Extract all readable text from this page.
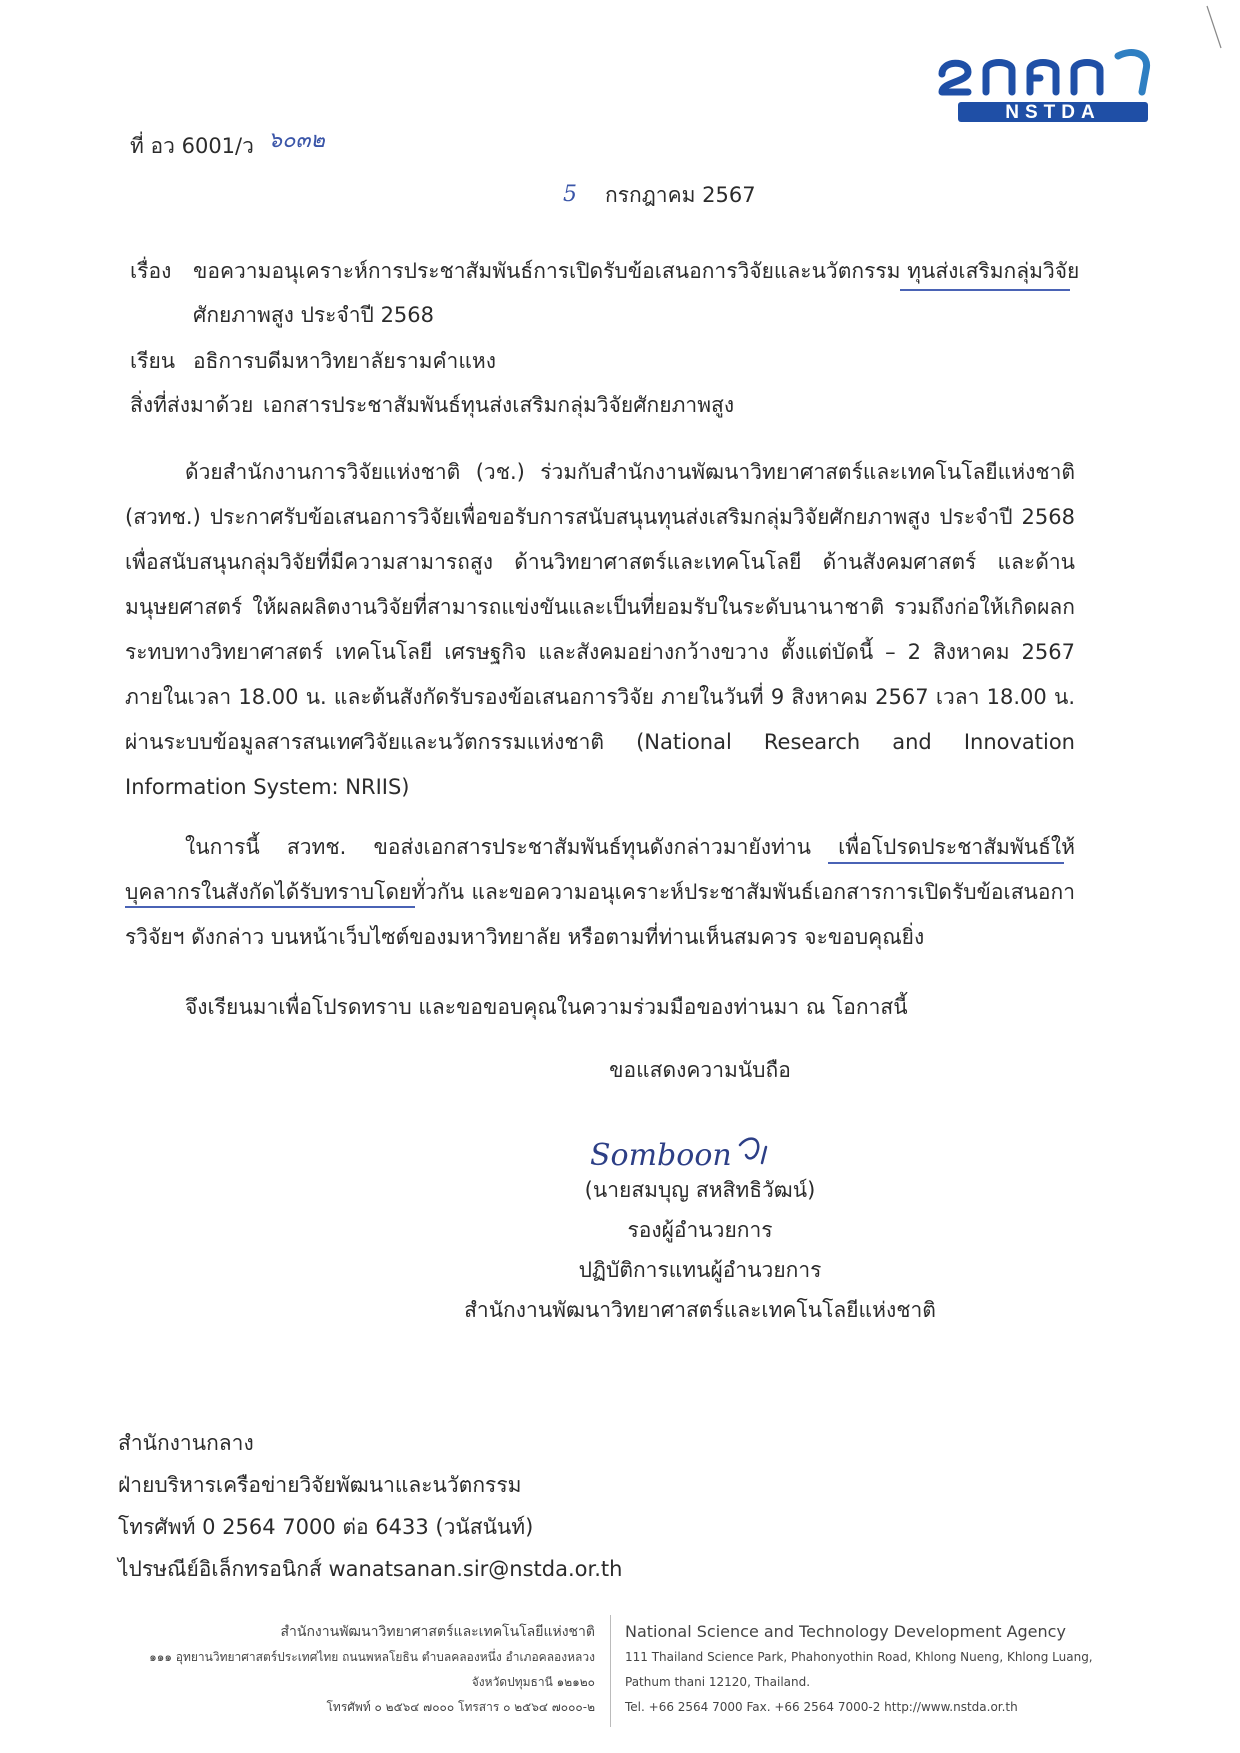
NSTDA
ที่ อว 6001/ว ๖๐๓๒
5 กรกฎาคม 2567
เรื่อง ขอความอนุเคราะห์การประชาสัมพันธ์การเปิดรับข้อเสนอการวิจัยและนวัตกรรม ทุนส่งเสริมกลุ่มวิจัย
ศักยภาพสูง ประจำปี 2568
เรียน อธิการบดีมหาวิทยาลัยรามคำแหง
สิ่งที่ส่งมาด้วย เอกสารประชาสัมพันธ์ทุนส่งเสริมกลุ่มวิจัยศักยภาพสูง
ด้วยสำนักงานการวิจัยแห่งชาติ (วช.) ร่วมกับสำนักงานพัฒนาวิทยาศาสตร์และเทคโนโลยีแห่งชาติ (สวทช.) ประกาศรับข้อเสนอการวิจัยเพื่อขอรับการสนับสนุนทุนส่งเสริมกลุ่มวิจัยศักยภาพสูง ประจำปี 2568 เพื่อสนับสนุนกลุ่มวิจัยที่มีความสามารถสูง ด้านวิทยาศาสตร์และเทคโนโลยี ด้านสังคมศาสตร์ และด้านมนุษยศาสตร์ ให้ผลผลิตงานวิจัยที่สามารถแข่งขันและเป็นที่ยอมรับในระดับนานาชาติ รวมถึงก่อให้เกิดผลกระทบทางวิทยาศาสตร์ เทคโนโลยี เศรษฐกิจ และสังคมอย่างกว้างขวาง ตั้งแต่บัดนี้ – 2 สิงหาคม 2567 ภายในเวลา 18.00 น. และต้นสังกัดรับรองข้อเสนอการวิจัย ภายในวันที่ 9 สิงหาคม 2567 เวลา 18.00 น. ผ่านระบบข้อมูลสารสนเทศวิจัยและนวัตกรรมแห่งชาติ (National Research and Innovation Information System: NRIIS)
ในการนี้ สวทช. ขอส่งเอกสารประชาสัมพันธ์ทุนดังกล่าวมายังท่าน เพื่อโปรดประชาสัมพันธ์ให้บุคลากรในสังกัดได้รับทราบโดยทั่วกัน และขอความอนุเคราะห์ประชาสัมพันธ์เอกสารการเปิดรับข้อเสนอการวิจัยฯ ดังกล่าว บนหน้าเว็บไซต์ของมหาวิทยาลัย หรือตามที่ท่านเห็นสมควร จะขอบคุณยิ่ง
จึงเรียนมาเพื่อโปรดทราบ และขอขอบคุณในความร่วมมือของท่านมา ณ โอกาสนี้
ขอแสดงความนับถือ
Somboon
(นายสมบุญ สหสิทธิวัฒน์)
รองผู้อำนวยการ
ปฏิบัติการแทนผู้อำนวยการ
สำนักงานพัฒนาวิทยาศาสตร์และเทคโนโลยีแห่งชาติ
สำนักงานกลาง
ฝ่ายบริหารเครือข่ายวิจัยพัฒนาและนวัตกรรม
โทรศัพท์ 0 2564 7000 ต่อ 6433 (วนัสนันท์)
ไปรษณีย์อิเล็กทรอนิกส์ wanatsanan.sir@nstda.or.th
สำนักงานพัฒนาวิทยาศาสตร์และเทคโนโลยีแห่งชาติ
๑๑๑ อุทยานวิทยาศาสตร์ประเทศไทย ถนนพหลโยธิน ตำบลคลองหนึ่ง อำเภอคลองหลวง
จังหวัดปทุมธานี ๑๒๑๒๐
โทรศัพท์ ๐ ๒๕๖๔ ๗๐๐๐ โทรสาร ๐ ๒๕๖๔ ๗๐๐๐-๒
National Science and Technology Development Agency
111 Thailand Science Park, Phahonyothin Road, Khlong Nueng, Khlong Luang,
Pathum thani 12120, Thailand.
Tel. +66 2564 7000 Fax. +66 2564 7000-2 http://www.nstda.or.th
